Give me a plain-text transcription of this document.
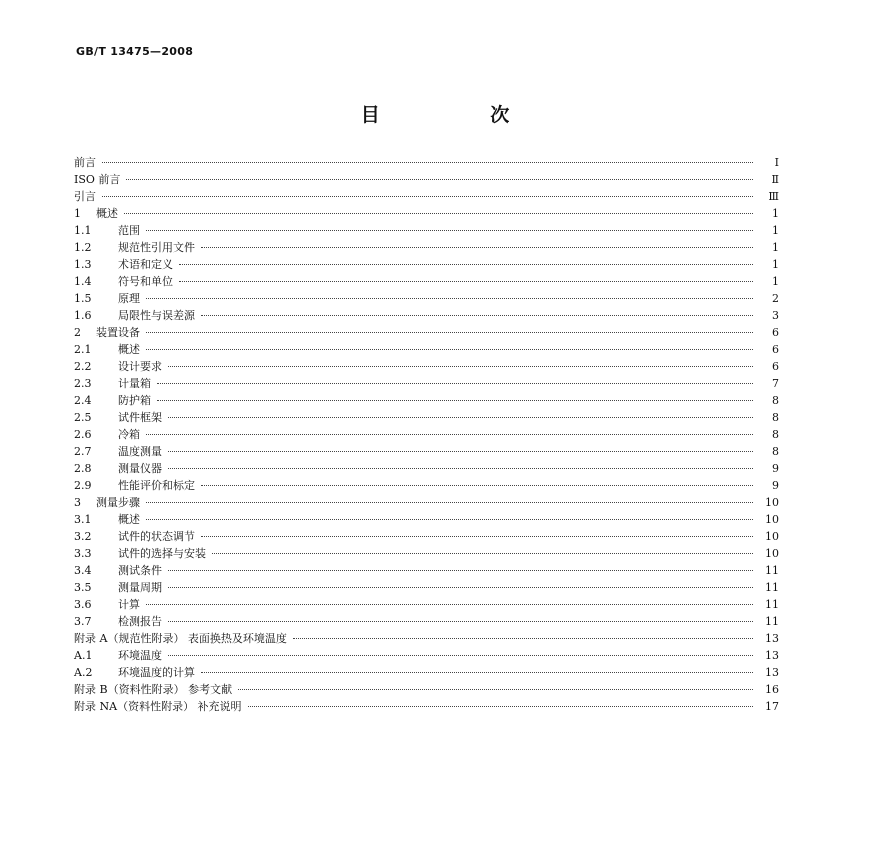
GB/T 13475—2008
目 次
前言	Ⅰ
ISO 前言	Ⅱ
引言	Ⅲ
1	概述	1
1.1	范围	1
1.2	规范性引用文件	1
1.3	术语和定义	1
1.4	符号和单位	1
1.5	原理	2
1.6	局限性与误差源	3
2	装置设备	6
2.1	概述	6
2.2	设计要求	6
2.3	计量箱	7
2.4	防护箱	8
2.5	试件框架	8
2.6	冷箱	8
2.7	温度测量	8
2.8	测量仪器	9
2.9	性能评价和标定	9
3	测量步骤	10
3.1	概述	10
3.2	试件的状态调节	10
3.3	试件的选择与安装	10
3.4	测试条件	11
3.5	测量周期	11
3.6	计算	11
3.7	检测报告	11
附录 A（规范性附录） 表面换热及环境温度	13
A.1	环境温度	13
A.2	环境温度的计算	13
附录 B（资料性附录） 参考文献	16
附录 NA（资料性附录） 补充说明	17
